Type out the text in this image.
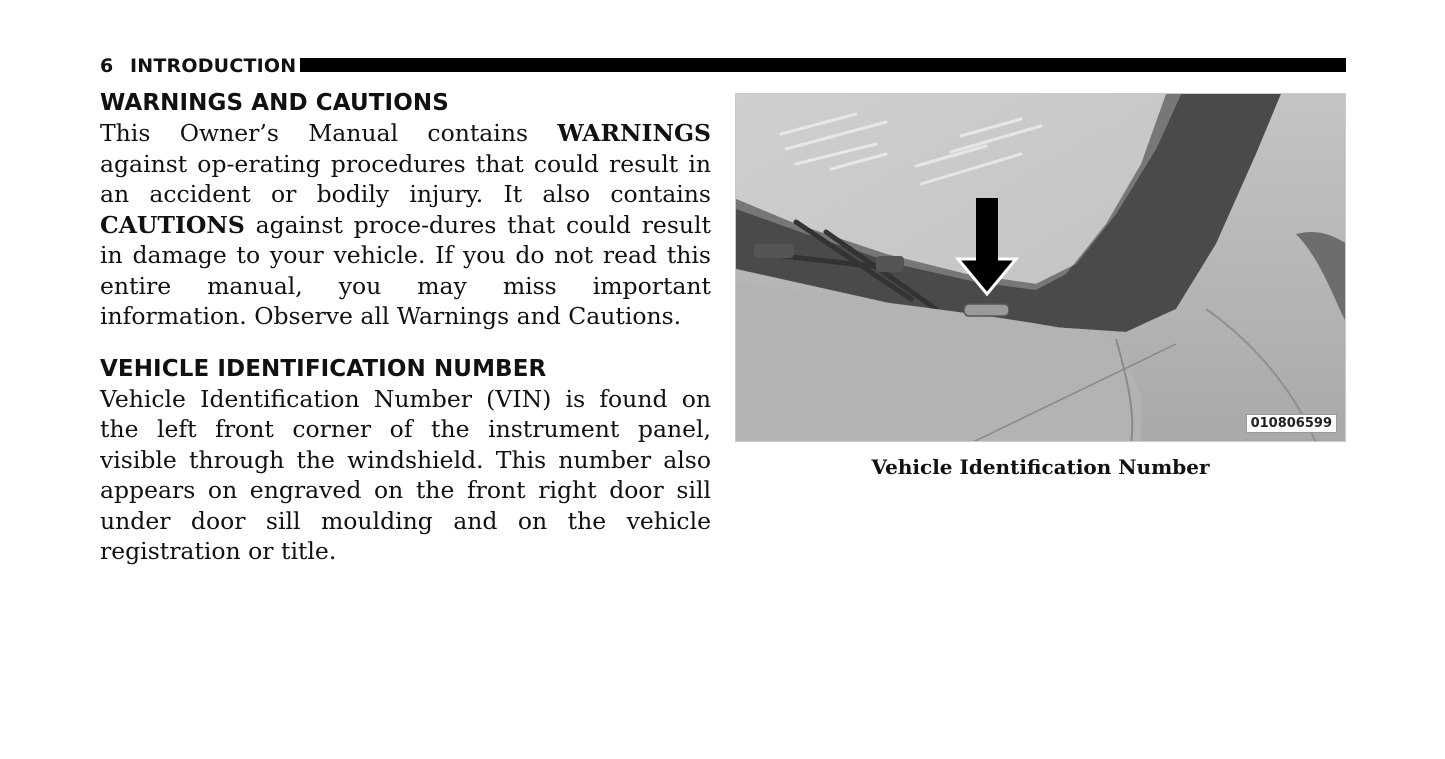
6 INTRODUCTION
WARNINGS AND CAUTIONS

This Owner’s Manual contains WARNINGS against op-erating procedures that could result in an accident or bodily injury. It also contains CAUTIONS against proce-dures that could result in damage to your vehicle. If you do not read this entire manual, you may miss important information. Observe all Warnings and Cautions.

VEHICLE IDENTIFICATION NUMBER

Vehicle Identification Number (VIN) is found on the left front corner of the instrument panel, visible through the windshield. This number also appears on engraved on the front right door sill under door sill moulding and on the vehicle registration or title.

010806599
Vehicle Identification Number
